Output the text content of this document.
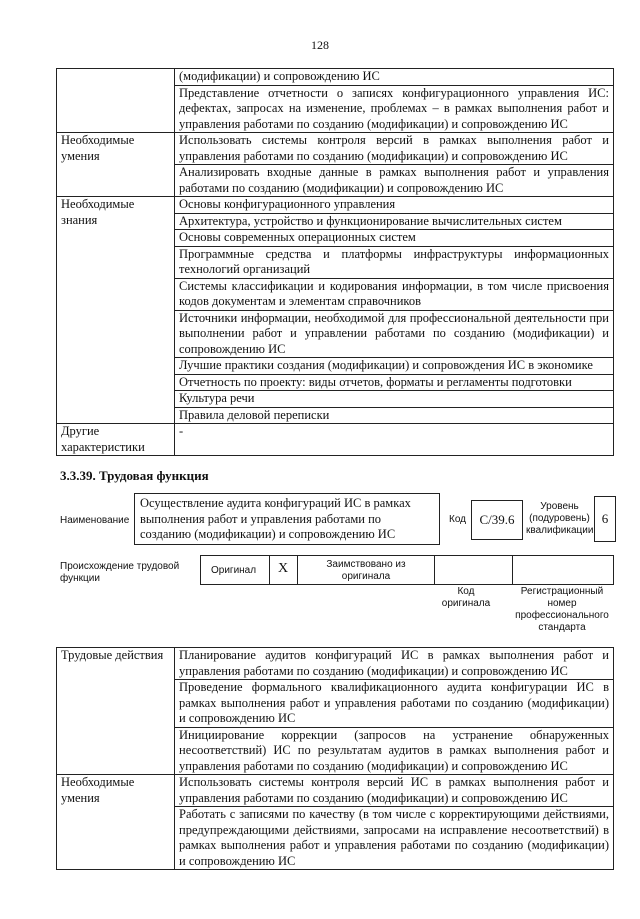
128
	(модификации) и сопровождению ИС
	Представление отчетности о записях конфигурационного управления ИС: дефектах, запросах на изменение, проблемах – в рамках выполнения работ и управления работами по созданию (модификации) и сопровождению ИС
Необходимые умения	Использовать системы контроля версий в рамках выполнения работ и управления работами по созданию (модификации) и сопровождению ИС
	Анализировать входные данные в рамках выполнения работ и управления работами по созданию (модификации) и сопровождению ИС
Необходимые знания	Основы конфигурационного управления
	Архитектура, устройство и функционирование вычислительных систем
	Основы современных операционных систем
	Программные средства и платформы инфраструктуры информационных технологий организаций
	Системы классификации и кодирования информации, в том числе присвоения кодов документам и элементам справочников
	Источники информации, необходимой для профессиональной деятельности при выполнении работ и управлении работами по созданию (модификации) и сопровождению ИС
	Лучшие практики создания (модификации) и сопровождения ИС в экономике
	Отчетность по проекту: виды отчетов, форматы и регламенты подготовки
	Культура речи
	Правила деловой переписки
Другие характеристики	-
3.3.39. Трудовая функция
Наименование
Осуществление аудита конфигураций ИС в рамках выполнения работ и управления работами по созданию (модификации) и сопровождению ИС
Код	C/39.6
Уровень (подуровень) квалификации
6
Происхождение трудовой функции
Оригинал	X	Заимствовано из оригинала
Код оригинала
Регистрационный номер профессионального стандарта
Трудовые действия	Планирование аудитов конфигураций ИС в рамках выполнения работ и управления работами по созданию (модификации) и сопровождению ИС
	Проведение формального квалификационного аудита конфигурации ИС в рамках выполнения работ и управления работами по созданию (модификации) и сопровождению ИС
	Инициирование коррекции (запросов на устранение обнаруженных несоответствий) ИС по результатам аудитов в рамках выполнения работ и управления работами по созданию (модификации) и сопровождению ИС
Необходимые умения	Использовать системы контроля версий ИС в рамках выполнения работ и управления работами по созданию (модификации) и сопровождению ИС
	Работать с записями по качеству (в том числе с корректирующими действиями, предупреждающими действиями, запросами на исправление несоответствий) в рамках выполнения работ и управления работами по созданию (модификации) и сопровождению ИС
